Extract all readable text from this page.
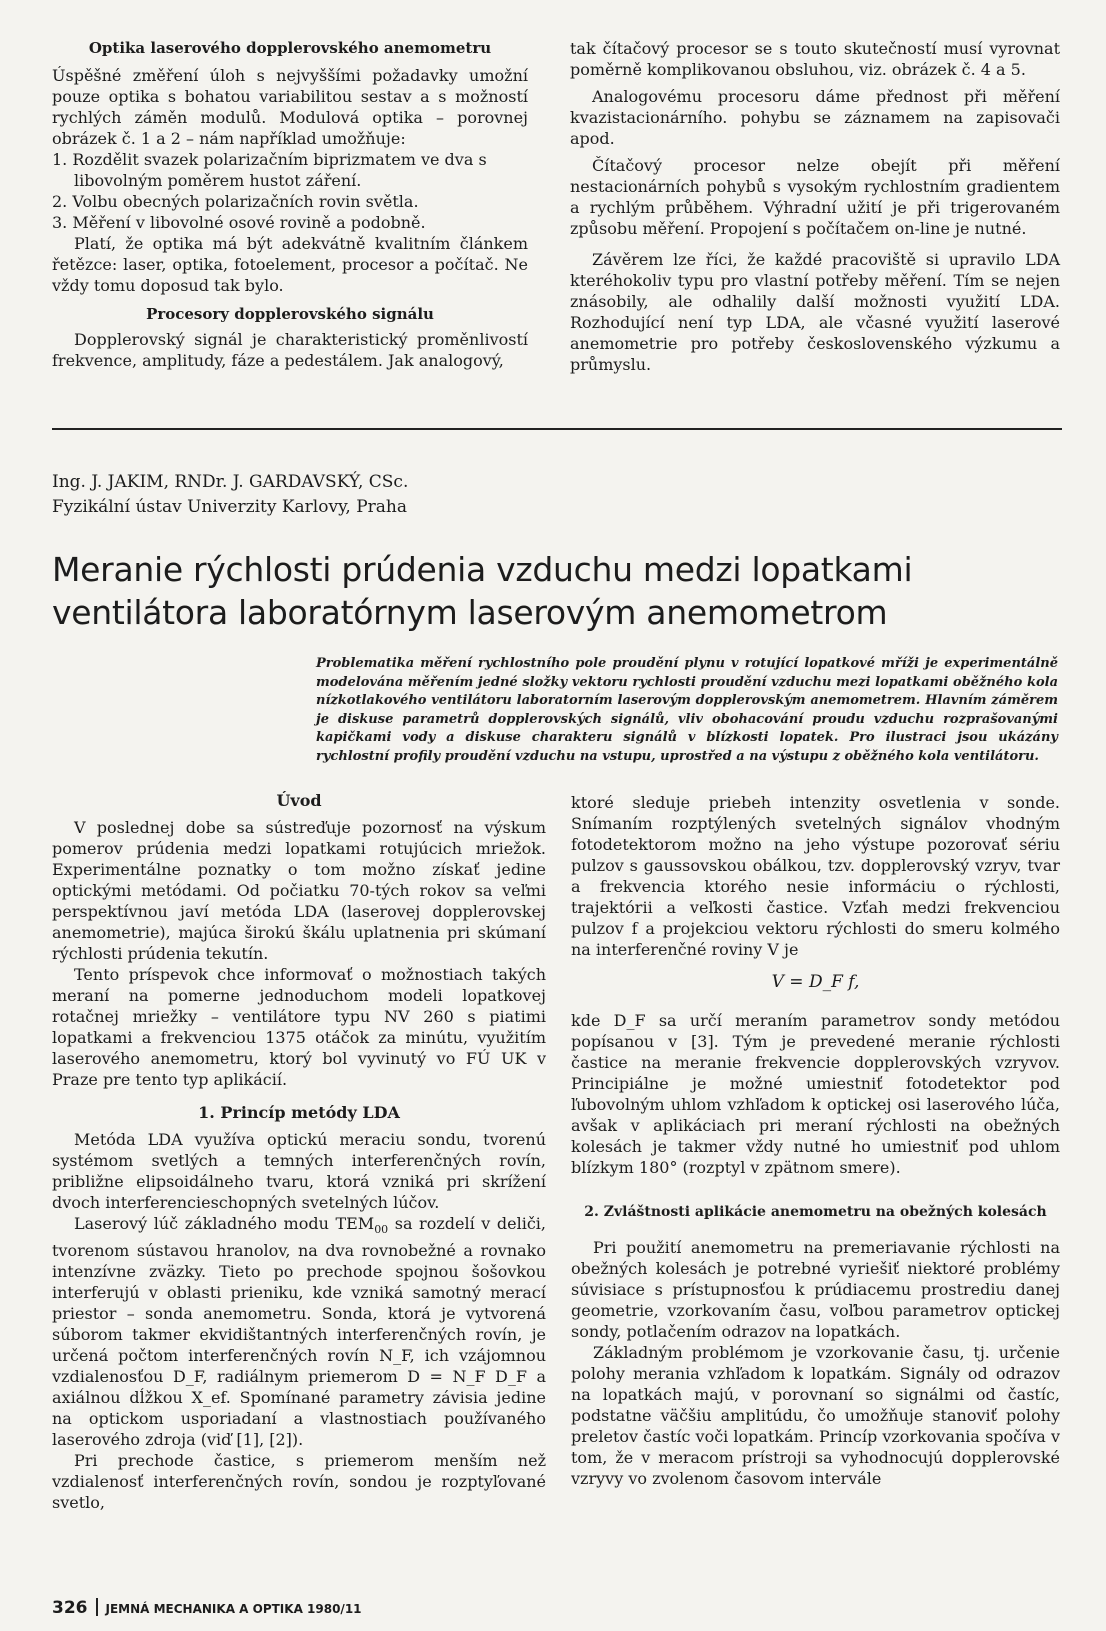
Optika laserového dopplerovského anemometru

Úspěšné změření úloh s nejvyššími požadavky umožní pouze optika s bohatou variabilitou sestav a s možností rychlých záměn modulů. Modulová optika – porovnej obrázek č. 1 a 2 – nám například umožňuje:

1. Rozdělit svazek polarizačním biprizmatem ve dva s libovolným poměrem hustot záření.

2. Volbu obecných polarizačních rovin světla.

3. Měření v libovolné osové rovině a podobně.

Platí, že optika má být adekvátně kvalitním článkem řetězce: laser, optika, fotoelement, procesor a počítač. Ne vždy tomu doposud tak bylo.

Procesory dopplerovského signálu

Dopplerovský signál je charakteristický proměnlivostí frekvence, amplitudy, fáze a pedestálem. Jak analogový,

tak čítačový procesor se s touto skutečností musí vyrovnat poměrně komplikovanou obsluhou, viz. obrázek č. 4 a 5.

Analogovému procesoru dáme přednost při měření kvazistacionárního. pohybu se záznamem na zapisovači apod.

Čítačový procesor nelze obejít při měření nestacionárních pohybů s vysokým rychlostním gradientem a rychlým průběhem. Výhradní užití je při trigerovaném způsobu měření. Propojení s počítačem on-line je nutné.

Závěrem lze říci, že každé pracoviště si upravilo LDA kteréhokoliv typu pro vlastní potřeby měření. Tím se nejen znásobily, ale odhalily další možnosti využití LDA. Rozhodující není typ LDA, ale včasné využití laserové anemometrie pro potřeby československého výzkumu a průmyslu.

Ing. J. JAKIM, RNDr. J. GARDAVSKÝ, CSc.
Fyzikální ústav Univerzity Karlovy, Praha
Meranie rýchlosti prúdenia vzduchu medzi lopatkami ventilátora laboratórnym laserovým anemometrom

Problematika měření rychlostního pole proudění plynu v rotující lopatkové mříži je experimentálně modelována měřením jedné složky vektoru rychlosti proudění vzduchu mezi lopatkami oběžného kola nízkotlakového ventilátoru laboratorním laserovým dopplerovským anemometrem. Hlavním záměrem je diskuse parametrů dopplerovských signálů, vliv obohacování proudu vzduchu rozprašovanými kapičkami vody a diskuse charakteru signálů v blízkosti lopatek. Pro ilustraci jsou ukázány rychlostní profily proudění vzduchu na vstupu, uprostřed a na výstupu z oběžného kola ventilátoru.

Úvod

V poslednej dobe sa sústreďuje pozornosť na výskum pomerov prúdenia medzi lopatkami rotujúcich mriežok. Experimentálne poznatky o tom možno získať jedine optickými metódami. Od počiatku 70-tých rokov sa veľmi perspektívnou javí metóda LDA (laserovej dopplerovskej anemometrie), majúca širokú škálu uplatnenia pri skúmaní rýchlosti prúdenia tekutín.

Tento príspevok chce informovať o možnostiach takých meraní na pomerne jednoduchom modeli lopatkovej rotačnej mriežky – ventilátore typu NV 260 s piatimi lopatkami a frekvenciou 1375 otáčok za minútu, využitím laserového anemometru, ktorý bol vyvinutý vo FÚ UK v Praze pre tento typ aplikácií.

1. Princíp metódy LDA

Metóda LDA využíva optickú meraciu sondu, tvorenú systémom svetlých a temných interferenčných rovín, približne elipsoidálneho tvaru, ktorá vzniká pri skrížení dvoch interferencieschopných svetelných lúčov.

Laserový lúč základného modu $TEM_{00}$ sa rozdelí v deliči, tvorenom sústavou hranolov, na dva rovnobežné a rovnako intenzívne zväzky. Tieto po prechode spojnou šošovkou interferujú v oblasti prieniku, kde vzniká samotný merací priestor – sonda anemometru. Sonda, ktorá je vytvorená súborom takmer ekvidištantných interferenčných rovín, je určená počtom interferenčných rovín N_F, ich vzájomnou vzdialenosťou D_F, radiálnym priemerom D = N_F D_F a axiálnou dĺžkou X_ef. Spomínané parametry závisia jedine na optickom usporiadaní a vlastnostiach používaného laserového zdroja (viď [1], [2]).

Pri prechode častice, s priemerom menším než vzdialenosť interferenčných rovín, sondou je rozptyľované svetlo,

ktoré sleduje priebeh intenzity osvetlenia v sonde. Snímaním rozptýlených svetelných signálov vhodným fotodetektorom možno na jeho výstupe pozorovať sériu pulzov s gaussovskou obálkou, tzv. dopplerovský vzryv, tvar a frekvencia ktorého nesie informáciu o rýchlosti, trajektórii a veľkosti častice. Vzťah medzi frekvenciou pulzov f a projekciou vektoru rýchlosti do smeru kolmého na interferenčné roviny V je

V = D_F f,

kde D_F sa určí meraním parametrov sondy metódou popísanou v [3]. Tým je prevedené meranie rýchlosti častice na meranie frekvencie dopplerovských vzryvov. Principiálne je možné umiestniť fotodetektor pod ľubovolným uhlom vzhľadom k optickej osi laserového lúča, avšak v aplikáciach pri meraní rýchlosti na obežných kolesách je takmer vždy nutné ho umiestniť pod uhlom blízkym 180° (rozptyl v zpätnom smere).

2. Zvláštnosti aplikácie anemometru na obežných kolesách

Pri použití anemometru na premeriavanie rýchlosti na obežných kolesách je potrebné vyriešiť niektoré problémy súvisiace s prístupnosťou k prúdiacemu prostrediu danej geometrie, vzorkovaním času, voľbou parametrov optickej sondy, potlačením odrazov na lopatkách.

Základným problémom je vzorkovanie času, tj. určenie polohy merania vzhľadom k lopatkám. Signály od odrazov na lopatkách majú, v porovnaní so signálmi od častíc, podstatne väčšiu amplitúdu, čo umožňuje stanoviť polohy preletov častíc voči lopatkám. Princíp vzorkovania spočíva v tom, že v meracom prístroji sa vyhodnocujú dopplerovské vzryvy vo zvolenom časovom intervále

326 JEMNÁ MECHANIKA A OPTIKA 1980/11
